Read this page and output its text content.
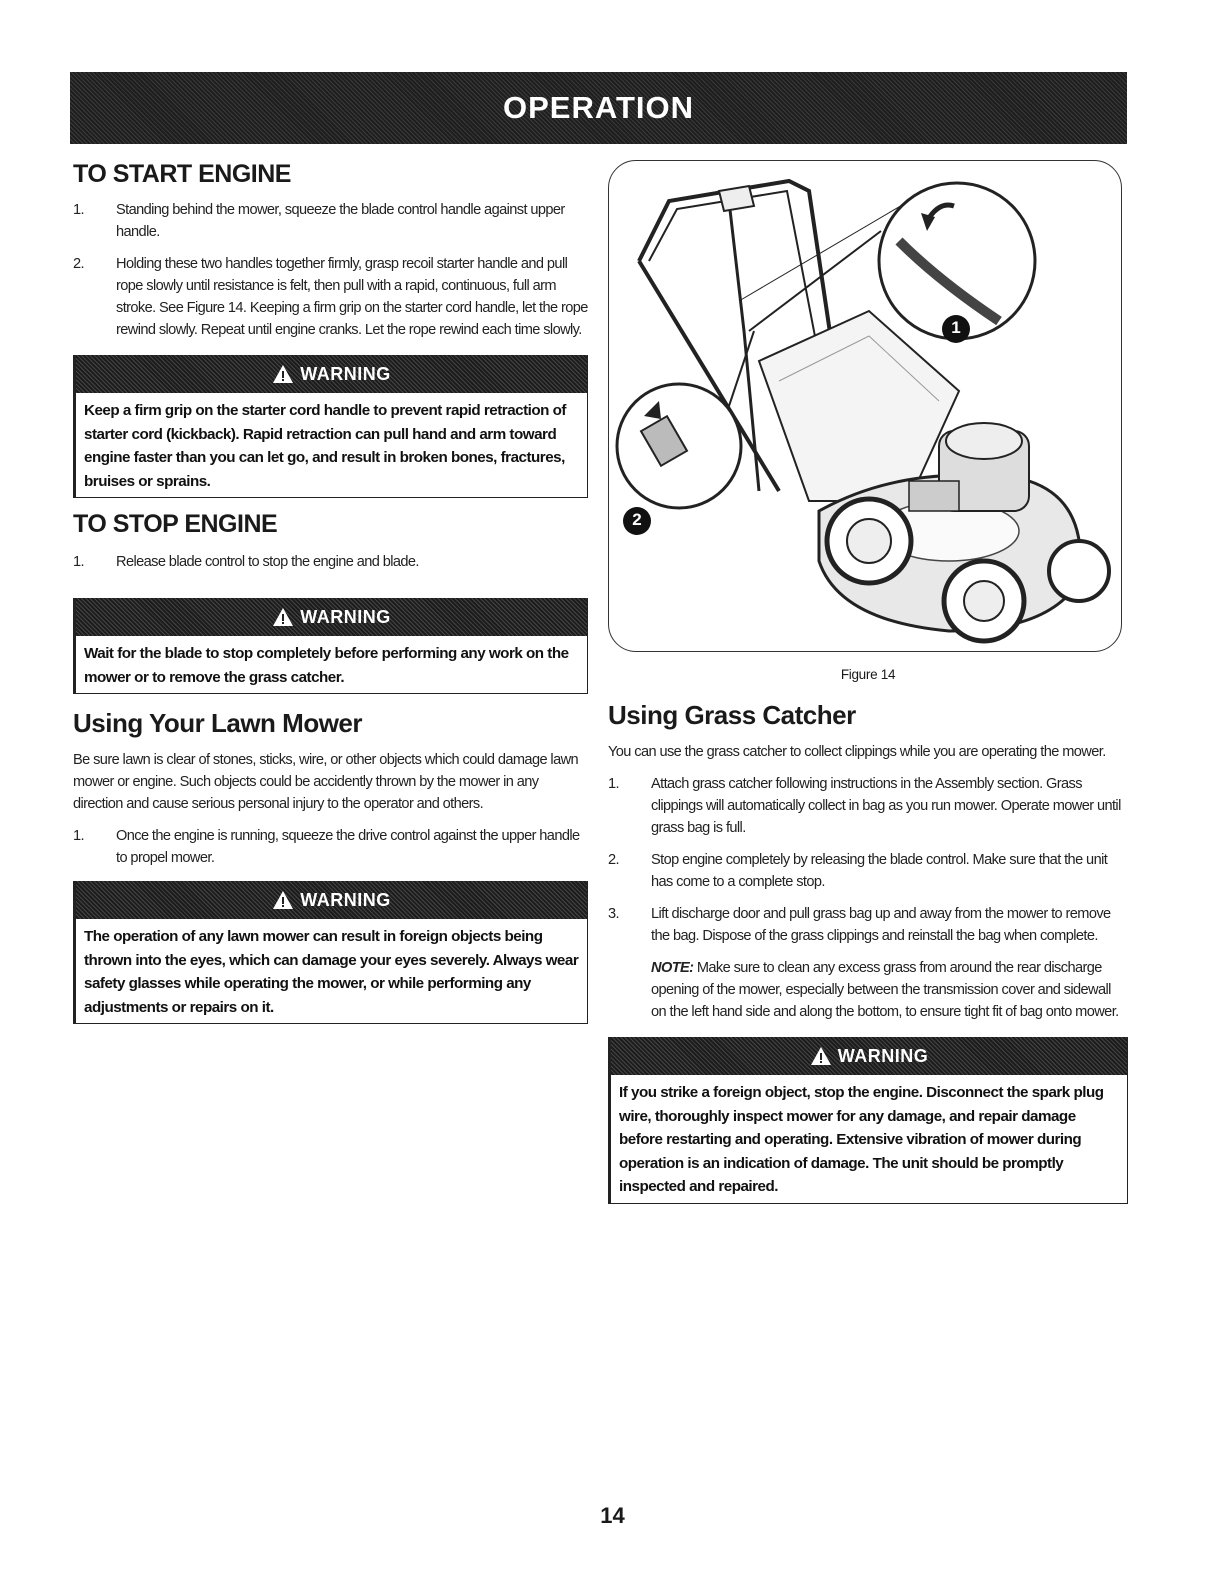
OPERATION
TO START ENGINE
1. Standing behind the mower, squeeze the blade control handle against upper handle.
2. Holding these two handles together firmly, grasp recoil starter handle and pull rope slowly until resistance is felt, then pull with a rapid, continuous, full arm stroke. See Figure 14. Keeping a firm grip on the starter cord handle, let the rope rewind slowly. Repeat until engine cranks. Let the rope rewind each time slowly.
WARNING
Keep a firm grip on the starter cord handle to prevent rapid retraction of starter cord (kickback). Rapid retraction can pull hand and arm toward engine faster than you can let go, and result in broken bones, fractures, bruises or sprains.
TO STOP ENGINE
1. Release blade control to stop the engine and blade.
WARNING
Wait for the blade to stop completely before performing any work on the mower or to remove the grass catcher.
Using Your Lawn Mower

Be sure lawn is clear of stones, sticks, wire, or other objects which could damage lawn mower or engine. Such objects could be accidently thrown by the mower in any direction and cause serious personal injury to the operator and others.

1. Once the engine is running, squeeze the drive control against the upper handle to propel mower.
WARNING
The operation of any lawn mower can result in foreign objects being thrown into the eyes, which can damage your eyes severely. Always wear safety glasses while operating the mower, or while performing any adjustments or repairs on it.
1
2
Figure 14
Using Grass Catcher

You can use the grass catcher to collect clippings while you are operating the mower.

1. Attach grass catcher following instructions in the Assembly section. Grass clippings will automatically collect in bag as you run mower. Operate mower until grass bag is full.
2. Stop engine completely by releasing the blade control. Make sure that the unit has come to a complete stop.
3. Lift discharge door and pull grass bag up and away from the mower to remove the bag. Dispose of the grass clippings and reinstall the bag when complete.

NOTE: Make sure to clean any excess grass from around the rear discharge opening of the mower, especially between the transmission cover and sidewall on the left hand side and along the bottom, to ensure tight fit of bag onto mower.

WARNING
If you strike a foreign object, stop the engine. Disconnect the spark plug wire, thoroughly inspect mower for any damage, and repair damage before restarting and operating. Extensive vibration of mower during operation is an indication of damage. The unit should be promptly inspected and repaired.
14
